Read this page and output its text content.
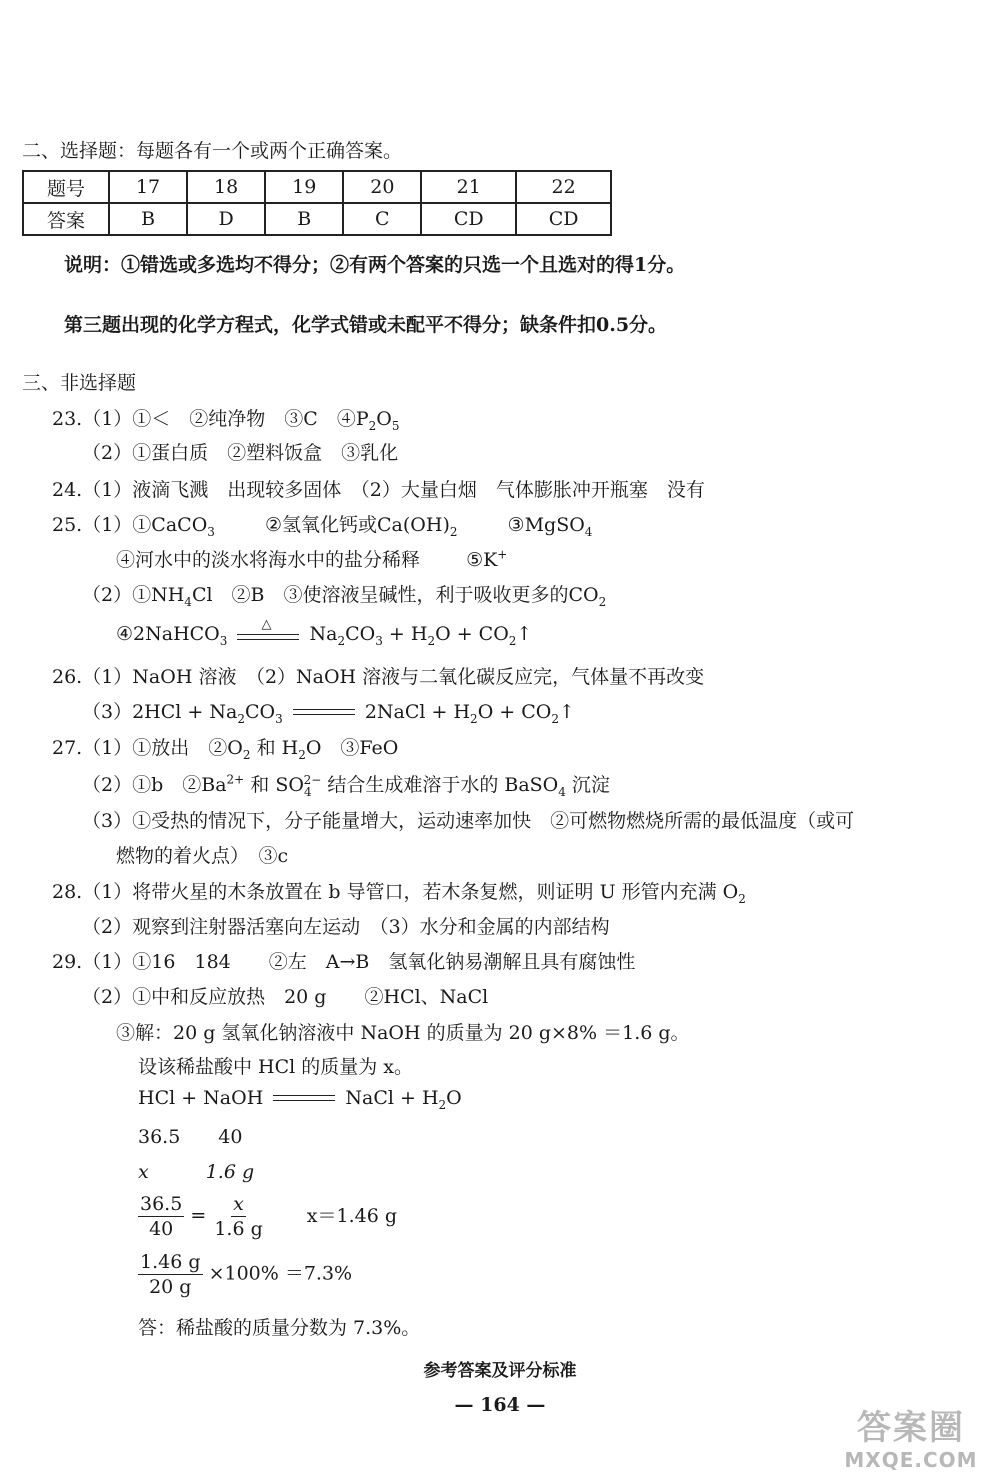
二、选择题：每题各有一个或两个正确答案。
题号	17	18	19	20	21	22
答案	B	D	B	C	CD	CD
说明：①错选或多选均不得分；②有两个答案的只选一个且选对的得1分。
第三题出现的化学方程式，化学式错或未配平不得分；缺条件扣0.5分。
三、非选择题
23.（1）①＜　②纯净物　③C　$④P_2O_5$
（2）①蛋白质　②塑料饭盒　③乳化
24.（1）液滴飞溅　出现较多固体　（2）大量白烟　气体膨胀冲开瓶塞　没有
25.（1）①CaCO$_3$	②氢氧化钙或$Ca(OH)_2$	③MgSO$_4$
④河水中的淡水将海水中的盐分稀释 ⑤K+
$(2)①NH_4Cl$　②B　③使溶液呈碱性，利于吸收更多的$CO_2$
④2NaHCO$_3$
△ $Na_2CO_3 + H_2O$ + $CO_2↑$
26.（1）NaOH 溶液　（2）NaOH 溶液与二氧化碳反应完，气体量不再改变
$(3)2HCl + Na_2CO_3$	2NaCl + $H_2O$ + $CO_2↑$
27.（1）①放出　$②O_2$ 和 $H_2O$　③FeO
（2）①b　$②Ba^{2+}$ 和 $SO_4^{2-}$ 结合生成难溶于水的 BaSO$_4$ 沉淀
（3）①受热的情况下，分子能量增大，运动速率加快　②可燃物燃烧所需的最低温度（或可
燃物的着火点）　③c
28.（1）将带火星的木条放置在 b 导管口，若木条复燃，则证明 U 形管内充满 $O_2$
（2）观察到注射器活塞向左运动　（3）水分和金属的内部结构
29.（1）①16　184　　②左　A→B　氢氧化钠易潮解且具有腐蚀性
（2）①中和反应放热　20 g　　②HCl、NaCl
③解：20 g 氢氧化钠溶液中 NaOH 的质量为 20 g×8% ＝1.6 g。
设该稀盐酸中 HCl 的质量为 x。
HCl + NaOH	NaCl + $H_2O$
36.5　　40
x　　　1.6 g
$\frac{36.5}{40} = \frac{x}{1.6 g} x=1.46$ g
$\frac{1.46 g}{20 g} \times 100\% =7.3\%$
答：稀盐酸的质量分数为 7.3%。
参考答案及评分标准
— 164 —
答案圈
MXQE.COM
